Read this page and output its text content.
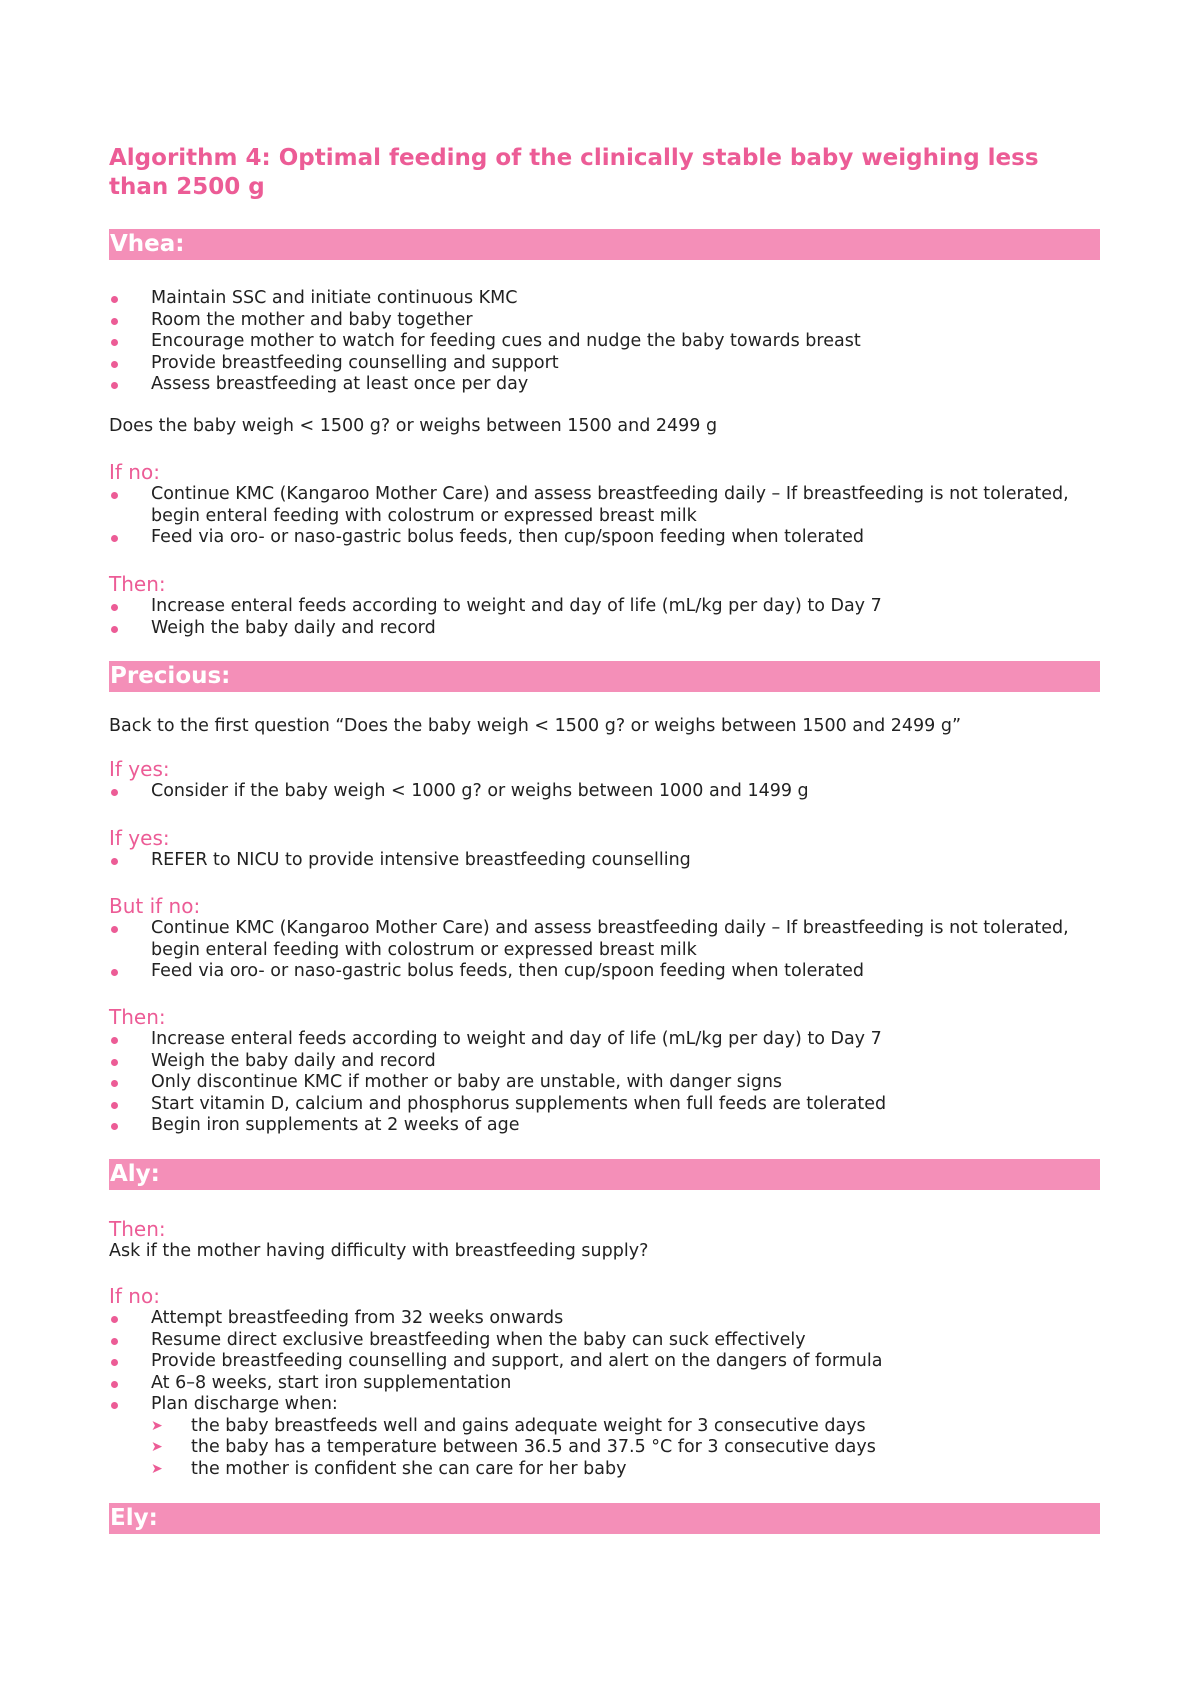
Algorithm 4: Optimal feeding of the clinically stable baby weighing less than 2500 g
Vhea:
Maintain SSC and initiate continuous KMC
Room the mother and baby together
Encourage mother to watch for feeding cues and nudge the baby towards breast
Provide breastfeeding counselling and support
Assess breastfeeding at least once per day

Does the baby weigh < 1500 g? or weighs between 1500 and 2499 g

If no:

Continue KMC (Kangaroo Mother Care) and assess breastfeeding daily – If breastfeeding is not tolerated, begin enteral feeding with colostrum or expressed breast milk
Feed via oro- or naso-gastric bolus feeds, then cup/spoon feeding when tolerated

Then:

Increase enteral feeds according to weight and day of life (mL/kg per day) to Day 7
Weigh the baby daily and record
Precious:

Back to the first question “Does the baby weigh < 1500 g? or weighs between 1500 and 2499 g”

If yes:

Consider if the baby weigh < 1000 g? or weighs between 1000 and 1499 g

If yes:

REFER to NICU to provide intensive breastfeeding counselling

But if no:

Continue KMC (Kangaroo Mother Care) and assess breastfeeding daily – If breastfeeding is not tolerated, begin enteral feeding with colostrum or expressed breast milk
Feed via oro- or naso-gastric bolus feeds, then cup/spoon feeding when tolerated

Then:

Increase enteral feeds according to weight and day of life (mL/kg per day) to Day 7
Weigh the baby daily and record
Only discontinue KMC if mother or baby are unstable, with danger signs
Start vitamin D, calcium and phosphorus supplements when full feeds are tolerated
Begin iron supplements at 2 weeks of age
Aly:

Then:

Ask if the mother having difficulty with breastfeeding supply?

If no:

Attempt breastfeeding from 32 weeks onwards
Resume direct exclusive breastfeeding when the baby can suck effectively
Provide breastfeeding counselling and support, and alert on the dangers of formula
At 6–8 weeks, start iron supplementation
Plan discharge when:
➤ the baby breastfeeds well and gains adequate weight for 3 consecutive days
➤ the baby has a temperature between 36.5 and 37.5 °C for 3 consecutive days
➤ the mother is confident she can care for her baby
Ely:
